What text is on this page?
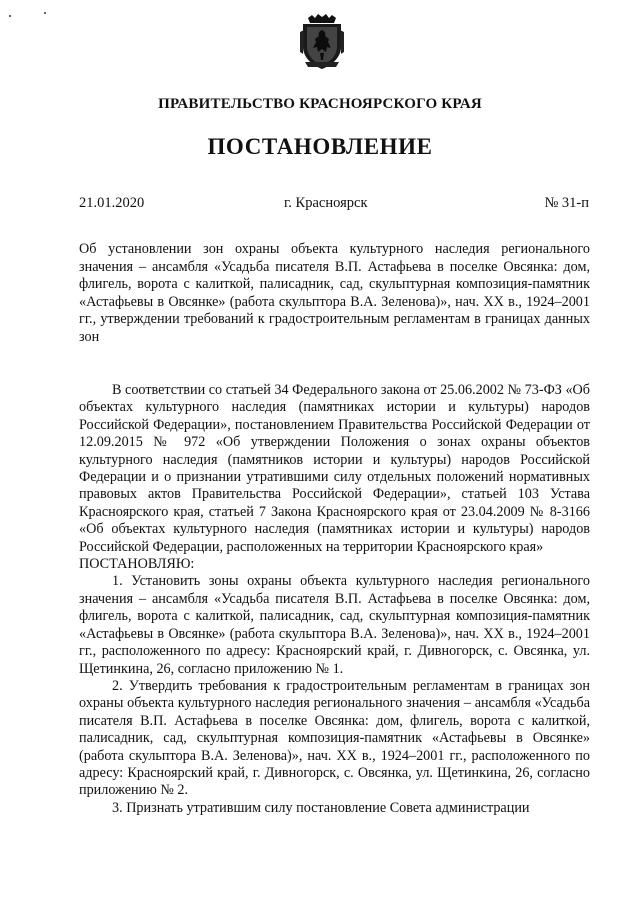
ПРАВИТЕЛЬСТВО КРАСНОЯРСКОГО КРАЯ
ПОСТАНОВЛЕНИЕ
21.01.2020	г. Красноярск	№ 31-п
Об установлении зон охраны объекта культурного наследия регионального значения – ансамбля «Усадьба писателя В.П. Астафьева в поселке Овсянка: дом, флигель, ворота с калиткой, палисадник, сад, скульптурная композиция-памятник «Астафьевы в Овсянке» (работа скульптора В.А. Зеленова)», нач. XX в., 1924–2001 гг., утверждении требований к градостроительным регламентам в границах данных зон

В соответствии со статьей 34 Федерального закона от 25.06.2002 № 73-ФЗ «Об объектах культурного наследия (памятниках истории и культуры) народов Российской Федерации», постановлением Правительства Российской Федерации от 12.09.2015 № 972 «Об утверждении Положения о зонах охраны объектов культурного наследия (памятников истории и культуры) народов Российской Федерации и о признании утратившими силу отдельных положений нормативных правовых актов Правительства Российской Федерации», статьей 103 Устава Красноярского края, статьей 7 Закона Красноярского края от 23.04.2009 № 8-3166 «Об объектах культурного наследия (памятниках истории и культуры) народов Российской Федерации, расположенных на территории Красноярского края»

ПОСТАНОВЛЯЮ:

1. Установить зоны охраны объекта культурного наследия регионального значения – ансамбля «Усадьба писателя В.П. Астафьева в поселке Овсянка: дом, флигель, ворота с калиткой, палисадник, сад, скульптурная композиция-памятник «Астафьевы в Овсянке» (работа скульптора В.А. Зеленова)», нач. XX в., 1924–2001 гг., расположенного по адресу: Красноярский край, г. Дивногорск, с. Овсянка, ул. Щетинкина, 26, согласно приложению № 1.

2. Утвердить требования к градостроительным регламентам в границах зон охраны объекта культурного наследия регионального значения – ансамбля «Усадьба писателя В.П. Астафьева в поселке Овсянка: дом, флигель, ворота с калиткой, палисадник, сад, скульптурная композиция-памятник «Астафьевы в Овсянке» (работа скульптора В.А. Зеленова)», нач. XX в., 1924–2001 гг., расположенного по адресу: Красноярский край, г. Дивногорск, с. Овсянка, ул. Щетинкина, 26, согласно приложению № 2.

3. Признать утратившим силу постановление Совета администрации
